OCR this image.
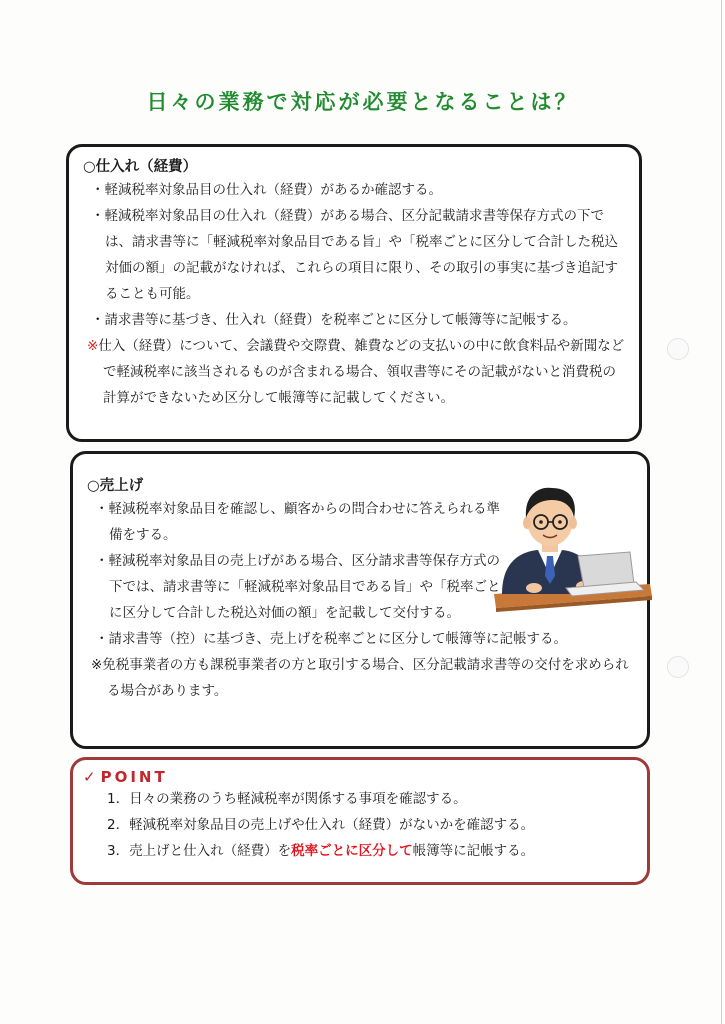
日々の業務で対応が必要となることは？
○仕入れ（経費）

・軽減税率対象品目の仕入れ（経費）があるか確認する。

・軽減税率対象品目の仕入れ（経費）がある場合、区分記載請求書等保存方式の下では、請求書等に「軽減税率対象品目である旨」や「税率ごとに区分して合計した税込対価の額」の記載がなければ、これらの項目に限り、その取引の事実に基づき追記することも可能。

・請求書等に基づき、仕入れ（経費）を税率ごとに区分して帳簿等に記帳する。

※仕入（経費）について、会議費や交際費、雑費などの支払いの中に飲食料品や新聞などで軽減税率に該当されるものが含まれる場合、領収書等にその記載がないと消費税の計算ができないため区分して帳簿等に記載してください。

○売上げ

・軽減税率対象品目を確認し、顧客からの問合わせに答えられる準備をする。

・軽減税率対象品目の売上げがある場合、区分請求書等保存方式の下では、請求書等に「軽減税率対象品目である旨」や「税率ごとに区分して合計した税込対価の額」を記載して交付する。

・請求書等（控）に基づき、売上げを税率ごとに区分して帳簿等に記帳する。

※免税事業者の方も課税事業者の方と取引する場合、区分記載請求書等の交付を求められる場合があります。

✓ POINT
1．日々の業務のうち軽減税率が関係する事項を確認する。
2．軽減税率対象品目の売上げや仕入れ（経費）がないかを確認する。
3．売上げと仕入れ（経費）を税率ごとに区分して帳簿等に記帳する。
